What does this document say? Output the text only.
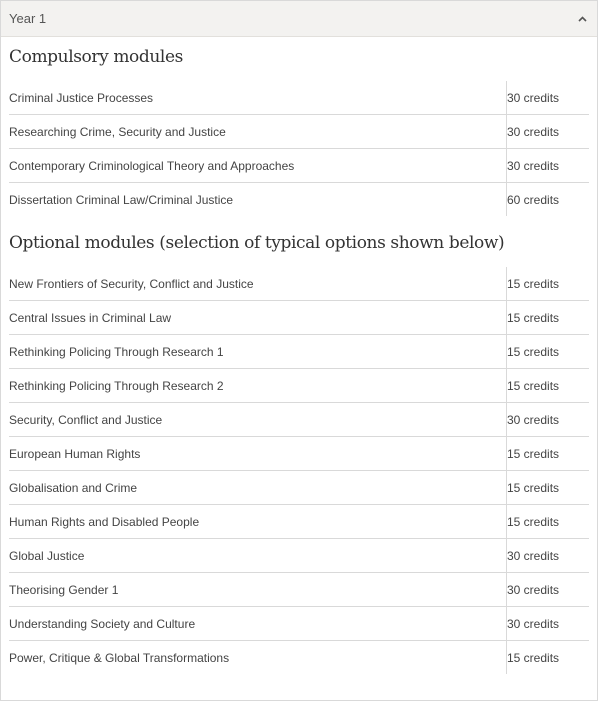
Year 1
Compulsory modules
Criminal Justice Processes	30 credits
Researching Crime, Security and Justice	30 credits
Contemporary Criminological Theory and Approaches	30 credits
Dissertation Criminal Law/Criminal Justice	60 credits
Optional modules (selection of typical options shown below)
New Frontiers of Security, Conflict and Justice	15 credits
Central Issues in Criminal Law	15 credits
Rethinking Policing Through Research 1	15 credits
Rethinking Policing Through Research 2	15 credits
Security, Conflict and Justice	30 credits
European Human Rights	15 credits
Globalisation and Crime	15 credits
Human Rights and Disabled People	15 credits
Global Justice	30 credits
Theorising Gender 1	30 credits
Understanding Society and Culture	30 credits
Power, Critique & Global Transformations	15 credits
